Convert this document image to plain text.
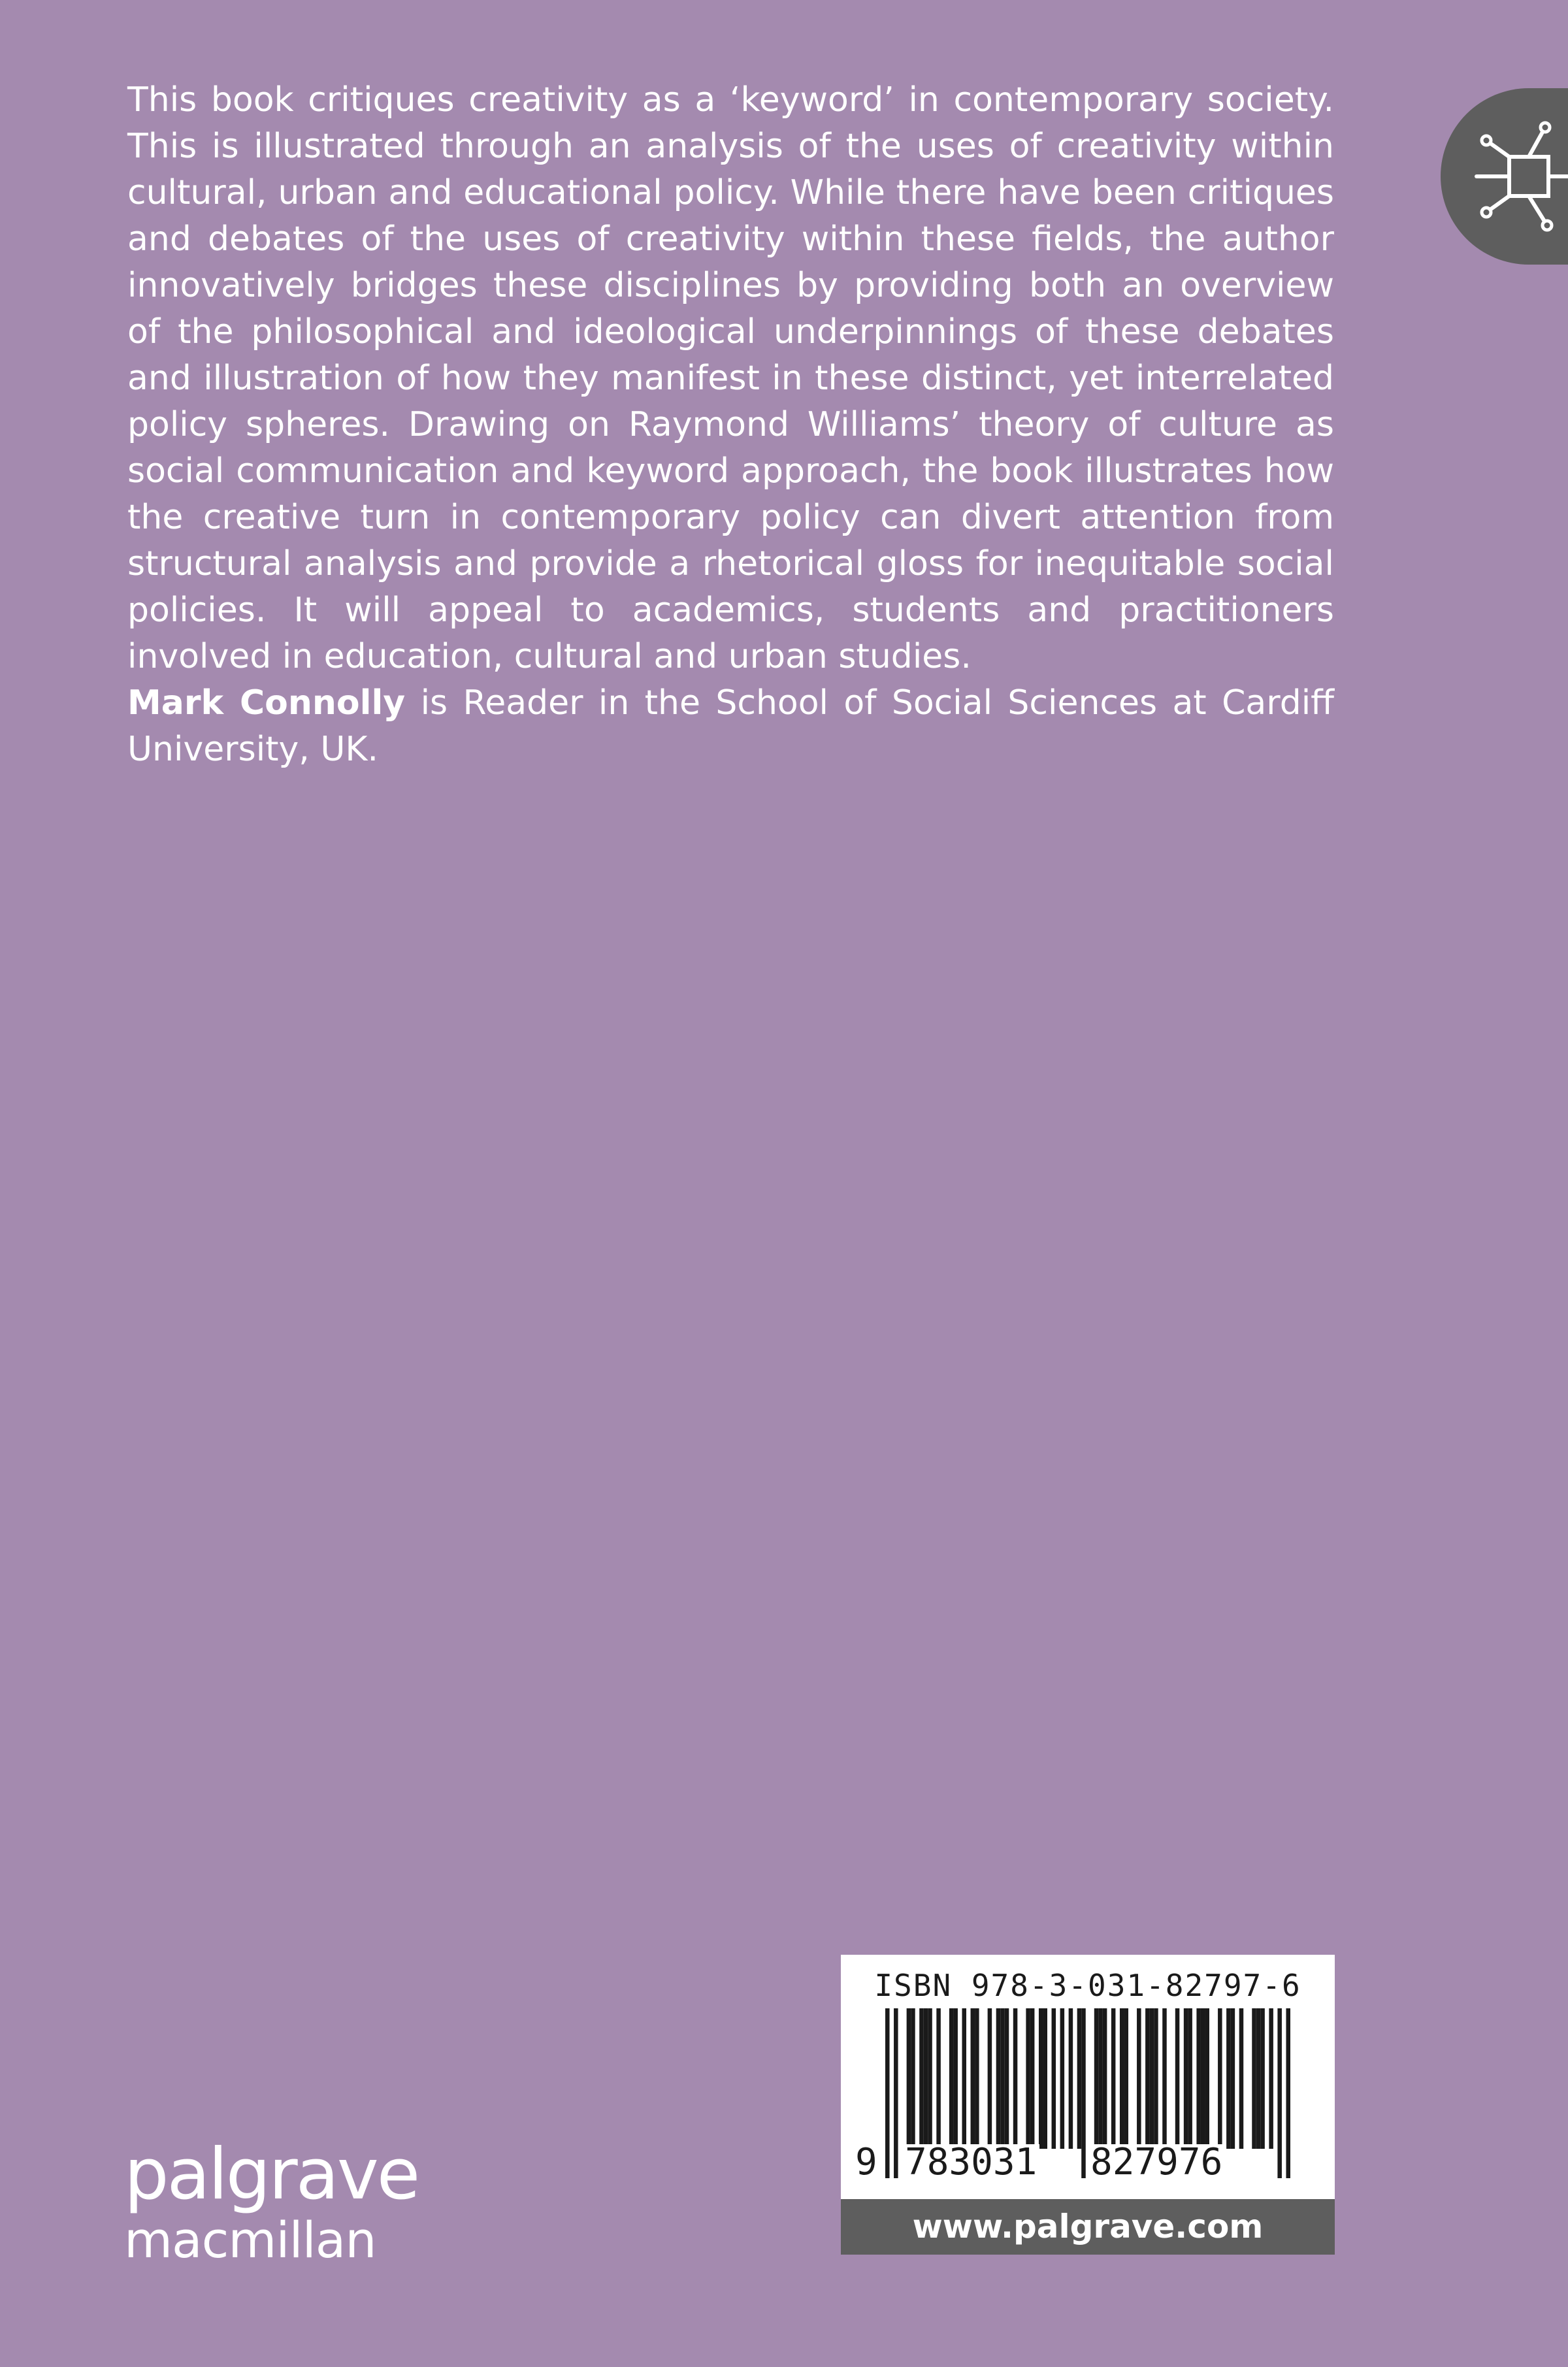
This book critiques creativity as a ‘keyword’ in contemporary society. This is illustrated through an analysis of the uses of creativity within cultural, urban and educational policy. While there have been critiques and debates of the uses of creativity within these fields, the author innovatively bridges these disciplines by providing both an overview of the philosophical and ideological underpinnings of these debates and illustration of how they manifest in these distinct, yet interrelated policy spheres. Drawing on Raymond Williams’ theory of culture as social communication and keyword approach, the book illustrates how the creative turn in contemporary policy can divert attention from structural analysis and provide a rhetorical gloss for inequitable social policies. It will appeal to academics, students and practitioners involved in education, cultural and urban studies.

Mark Connolly is Reader in the School of Social Sciences at Cardiff University, UK.

palgrave
macmillan
ISBN 978-3-031-82797-6
9 783031 827976
www.palgrave.com
